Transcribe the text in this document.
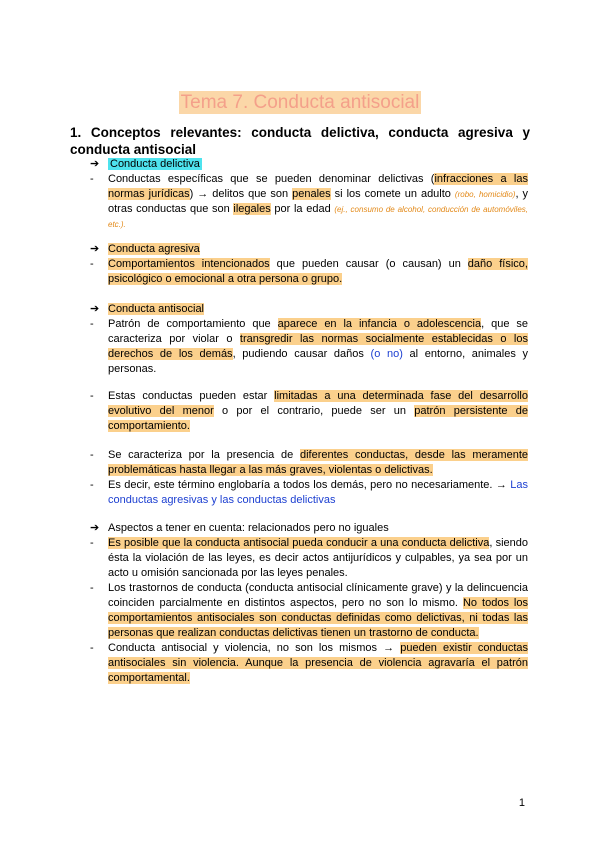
Tema 7. Conducta antisocial
1. Conceptos relevantes: conducta delictiva, conducta agresiva y conducta antisocial
➔ Conducta delictiva
- Conductas específicas que se pueden denominar delictivas (infracciones a las normas jurídicas) → delitos que son penales si los comete un adulto (robo, homicidio), y otras conductas que son ilegales por la edad (ej., consumo de alcohol, conducción de automóviles, etc.).
➔ Conducta agresiva
- Comportamientos intencionados que pueden causar (o causan) un daño físico, psicológico o emocional a otra persona o grupo.
➔ Conducta antisocial
- Patrón de comportamiento que aparece en la infancia o adolescencia, que se caracteriza por violar o transgredir las normas socialmente establecidas o los derechos de los demás, pudiendo causar daños (o no) al entorno, animales y personas.
- Estas conductas pueden estar limitadas a una determinada fase del desarrollo evolutivo del menor o por el contrario, puede ser un patrón persistente de comportamiento.
- Se caracteriza por la presencia de diferentes conductas, desde las meramente problemáticas hasta llegar a las más graves, violentas o delictivas.
- Es decir, este término englobaría a todos los demás, pero no necesariamente. → Las conductas agresivas y las conductas delictivas
➔ Aspectos a tener en cuenta: relacionados pero no iguales
- Es posible que la conducta antisocial pueda conducir a una conducta delictiva, siendo ésta la violación de las leyes, es decir actos antijurídicos y culpables, ya sea por un acto u omisión sancionada por las leyes penales.
- Los trastornos de conducta (conducta antisocial clínicamente grave) y la delincuencia coinciden parcialmente en distintos aspectos, pero no son lo mismo. No todos los comportamientos antisociales son conductas definidas como delictivas, ni todas las personas que realizan conductas delictivas tienen un trastorno de conducta.
- Conducta antisocial y violencia, no son los mismos → pueden existir conductas antisociales sin violencia. Aunque la presencia de violencia agravaría el patrón comportamental.
1
